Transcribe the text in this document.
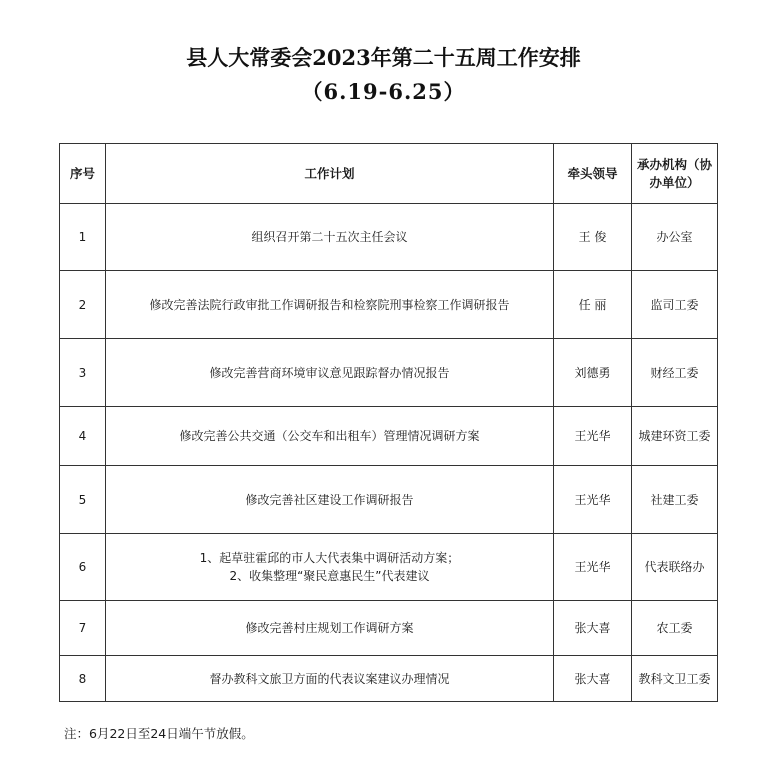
县人大常委会2023年第二十五周工作安排
（6.19-6.25）
序号	工作计划	牵头领导	承办机构（协办单位）
1	组织召开第二十五次主任会议	王 俊	办公室
2	修改完善法院行政审批工作调研报告和检察院刑事检察工作调研报告	任 丽	监司工委
3	修改完善营商环境审议意见跟踪督办情况报告	刘德勇	财经工委
4	修改完善公共交通（公交车和出租车）管理情况调研方案	王光华	城建环资工委
5	修改完善社区建设工作调研报告	王光华	社建工委
6	1、起草驻霍邱的市人大代表集中调研活动方案；
2、收集整理“聚民意惠民生”代表建议	王光华	代表联络办
7	修改完善村庄规划工作调研方案	张大喜	农工委
8	督办教科文旅卫方面的代表议案建议办理情况	张大喜	教科文卫工委
注：6月22日至24日端午节放假。
